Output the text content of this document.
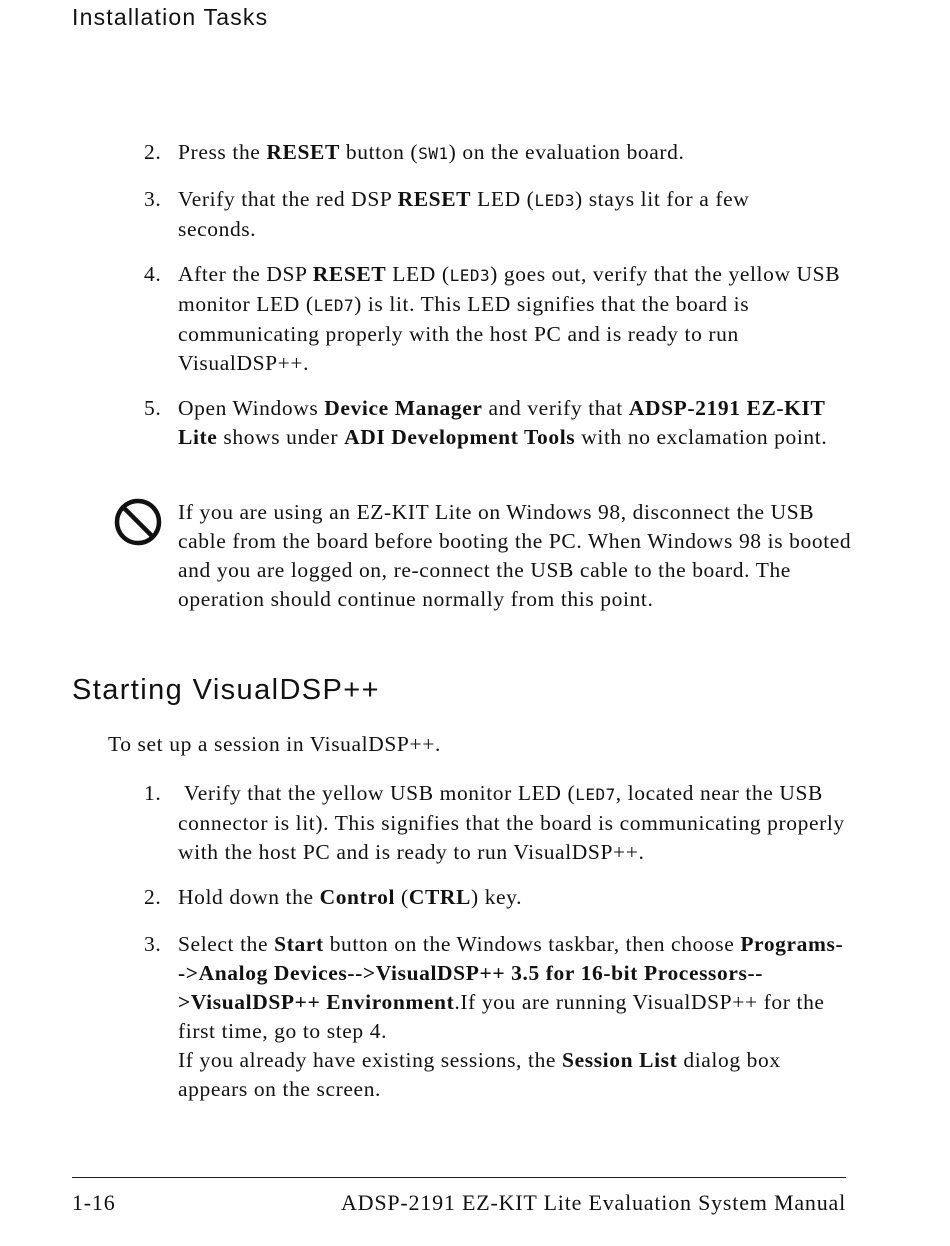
Installation Tasks
2. Press the RESET button (SW1) on the evaluation board.
3. Verify that the red DSP RESET LED (LED3) stays lit for a few seconds.
4. After the DSP RESET LED (LED3) goes out, verify that the yellow USB monitor LED (LED7) is lit. This LED signifies that the board is communicating properly with the host PC and is ready to run VisualDSP++.
5. Open Windows Device Manager and verify that ADSP-2191 EZ-KIT Lite shows under ADI Development Tools with no exclamation point.
If you are using an EZ-KIT Lite on Windows 98, disconnect the USB cable from the board before booting the PC. When Windows 98 is booted and you are logged on, re-connect the USB cable to the board. The operation should continue normally from this point.
Starting VisualDSP++
To set up a session in VisualDSP++.
1. Verify that the yellow USB monitor LED (LED7, located near the USB connector is lit). This signifies that the board is communicating properly with the host PC and is ready to run VisualDSP++.
2. Hold down the Control (CTRL) key.
3. Select the Start button on the Windows taskbar, then choose Programs-->Analog Devices-->VisualDSP++ 3.5 for 16-bit Processors-->VisualDSP++ Environment.If you are running VisualDSP++ for the first time, go to step 4.
If you already have existing sessions, the Session List dialog box appears on the screen.
1-16	ADSP-2191 EZ-KIT Lite Evaluation System Manual
